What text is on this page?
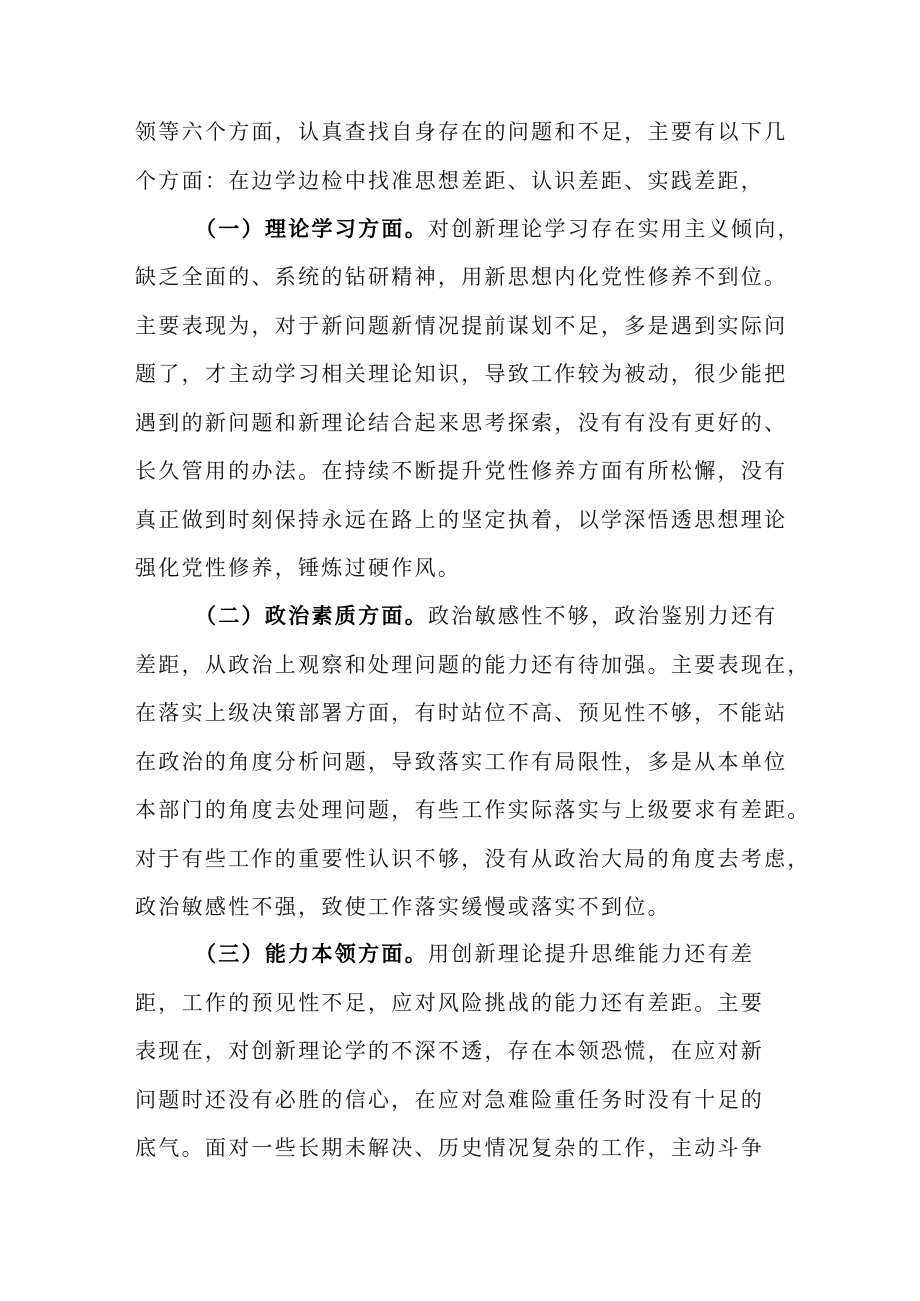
领等六个方面，认真查找自身存在的问题和不足，主要有以下几
个方面：在边学边检中找准思想差距、认识差距、实践差距，
（一）理论学习方面。对创新理论学习存在实用主义倾向，
缺乏全面的、系统的钻研精神，用新思想内化党性修养不到位。
主要表现为，对于新问题新情况提前谋划不足，多是遇到实际问
题了，才主动学习相关理论知识，导致工作较为被动，很少能把
遇到的新问题和新理论结合起来思考探索，没有有没有更好的、
长久管用的办法。在持续不断提升党性修养方面有所松懈，没有
真正做到时刻保持永远在路上的坚定执着，以学深悟透思想理论
强化党性修养，锤炼过硬作风。
（二）政治素质方面。政治敏感性不够，政治鉴别力还有
差距，从政治上观察和处理问题的能力还有待加强。主要表现在，
在落实上级决策部署方面，有时站位不高、预见性不够，不能站
在政治的角度分析问题，导致落实工作有局限性，多是从本单位
本部门的角度去处理问题，有些工作实际落实与上级要求有差距。
对于有些工作的重要性认识不够，没有从政治大局的角度去考虑，
政治敏感性不强，致使工作落实缓慢或落实不到位。
（三）能力本领方面。用创新理论提升思维能力还有差
距，工作的预见性不足，应对风险挑战的能力还有差距。主要
表现在，对创新理论学的不深不透，存在本领恐慌，在应对新
问题时还没有必胜的信心，在应对急难险重任务时没有十足的
底气。面对一些长期未解决、历史情况复杂的工作，主动斗争
